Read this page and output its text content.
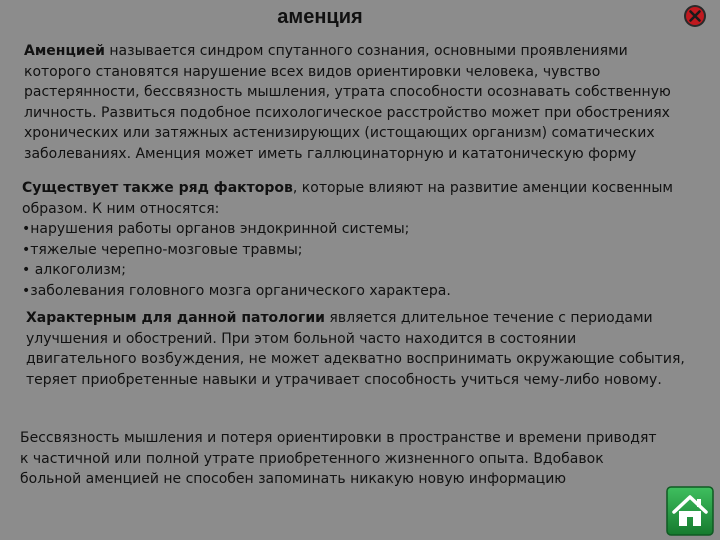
аменция

Аменцией называется синдром спутанного сознания, основными проявлениями которого становятся нарушение всех видов ориентировки человека, чувство растерянности, бессвязность мышления, утрата способности осознавать собственную личность. Развиться подобное психологическое расстройство может при обострениях хронических или затяжных астенизирующих (истощающих организм) соматических заболеваниях. Аменция может иметь галлюцинаторную и кататоническую форму

Существует также ряд факторов, которые влияют на развитие аменции косвенным образом. К ним относятся:
•нарушения работы органов эндокринной системы;
•тяжелые черепно-мозговые травмы;
• алкоголизм;
•заболевания головного мозга органического характера.

Характерным для данной патологии является длительное течение с периодами улучшения и обострений. При этом больной часто находится в состоянии двигательного возбуждения, не может адекватно воспринимать окружающие события, теряет приобретенные навыки и утрачивает способность учиться чему-либо новому.

Бессвязность мышления и потеря ориентировки в пространстве и времени приводят к частичной или полной утрате приобретенного жизненного опыта. Вдобавок больной аменцией не способен запоминать никакую новую информацию
